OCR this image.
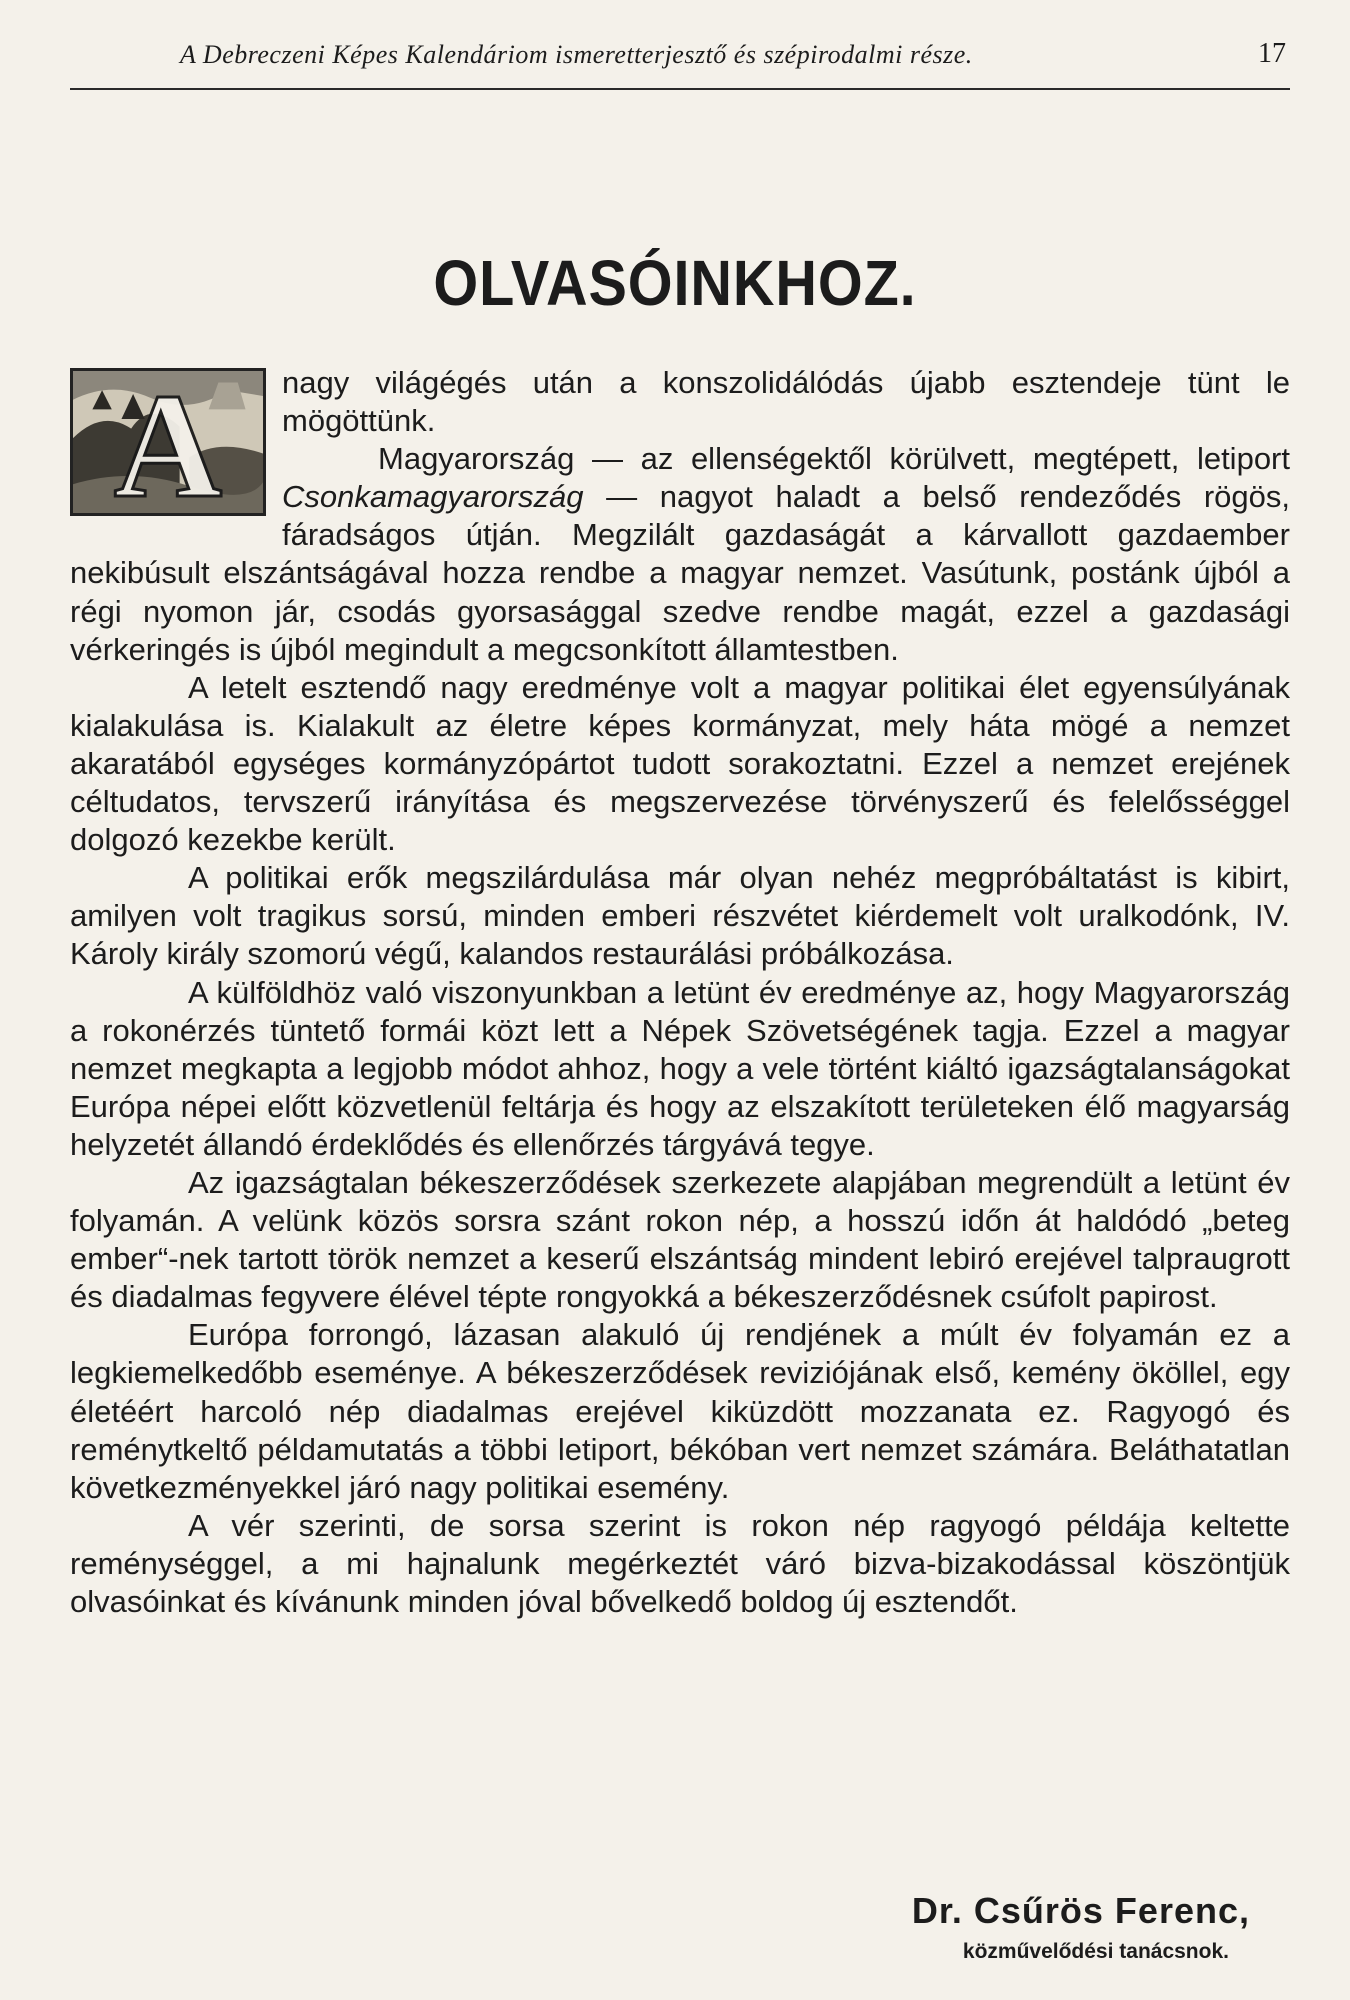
A Debreczeni Képes Kalendáriom ismeretterjesztő és szépirodalmi része.	17
OLVASÓINKHOZ.
A	nagy világégés után a konszolidálódás újabb esztendeje tünt le mögöttünk.

Magyarország — az ellenségektől körülvett, megtépett, letiport Csonkamagyarország — nagyot haladt a belső rendeződés rögös, fáradságos útján. Megzilált gazdaságát a kárvallott gazdaember nekibúsult elszántságával hozza rendbe a magyar nemzet. Vasútunk, postánk újból a régi nyomon jár, csodás gyorsasággal szedve rendbe magát, ezzel a gazdasági vérkeringés is újból megindult a megcsonkított államtestben.

A letelt esztendő nagy eredménye volt a magyar politikai élet egyensúlyának kialakulása is. Kialakult az életre képes kormányzat, mely háta mögé a nemzet akaratából egységes kormányzópártot tudott sorakoztatni. Ezzel a nemzet erejének céltudatos, tervszerű irányítása és megszervezése törvényszerű és felelősséggel dolgozó kezekbe került.

A politikai erők megszilárdulása már olyan nehéz megpróbáltatást is kibirt, amilyen volt tragikus sorsú, minden emberi részvétet kiérdemelt volt uralkodónk, IV. Károly király szomorú végű, kalandos restaurálási próbálkozása.

A külföldhöz való viszonyunkban a letünt év eredménye az, hogy Magyarország a rokonérzés tüntető formái közt lett a Népek Szövetségének tagja. Ezzel a magyar nemzet megkapta a legjobb módot ahhoz, hogy a vele történt kiáltó igazságtalanságokat Európa népei előtt közvetlenül feltárja és hogy az elszakított területeken élő magyarság helyzetét állandó érdeklődés és ellenőrzés tárgyává tegye.

Az igazságtalan békeszerződések szerkezete alapjában megrendült a letünt év folyamán. A velünk közös sorsra szánt rokon nép, a hosszú időn át haldódó „beteg ember“-nek tartott török nemzet a keserű elszántság mindent lebiró erejével talpraugrott és diadalmas fegyvere élével tépte rongyokká a békeszerződésnek csúfolt papirost.

Európa forrongó, lázasan alakuló új rendjének a múlt év folyamán ez a legkiemelkedőbb eseménye. A békeszerződések reviziójának első, kemény ököllel, egy életéért harcoló nép diadalmas erejével kiküzdött mozzanata ez. Ragyogó és reménytkeltő példamutatás a többi letiport, békóban vert nemzet számára. Beláthatatlan következményekkel járó nagy politikai esemény.

A vér szerinti, de sorsa szerint is rokon nép ragyogó példája keltette reménységgel, a mi hajnalunk megérkeztét váró bizva-bizakodással köszöntjük olvasóinkat és kívánunk minden jóval bővelkedő boldog új esztendőt.

Dr. Csűrös Ferenc,
közművelődési tanácsnok.
